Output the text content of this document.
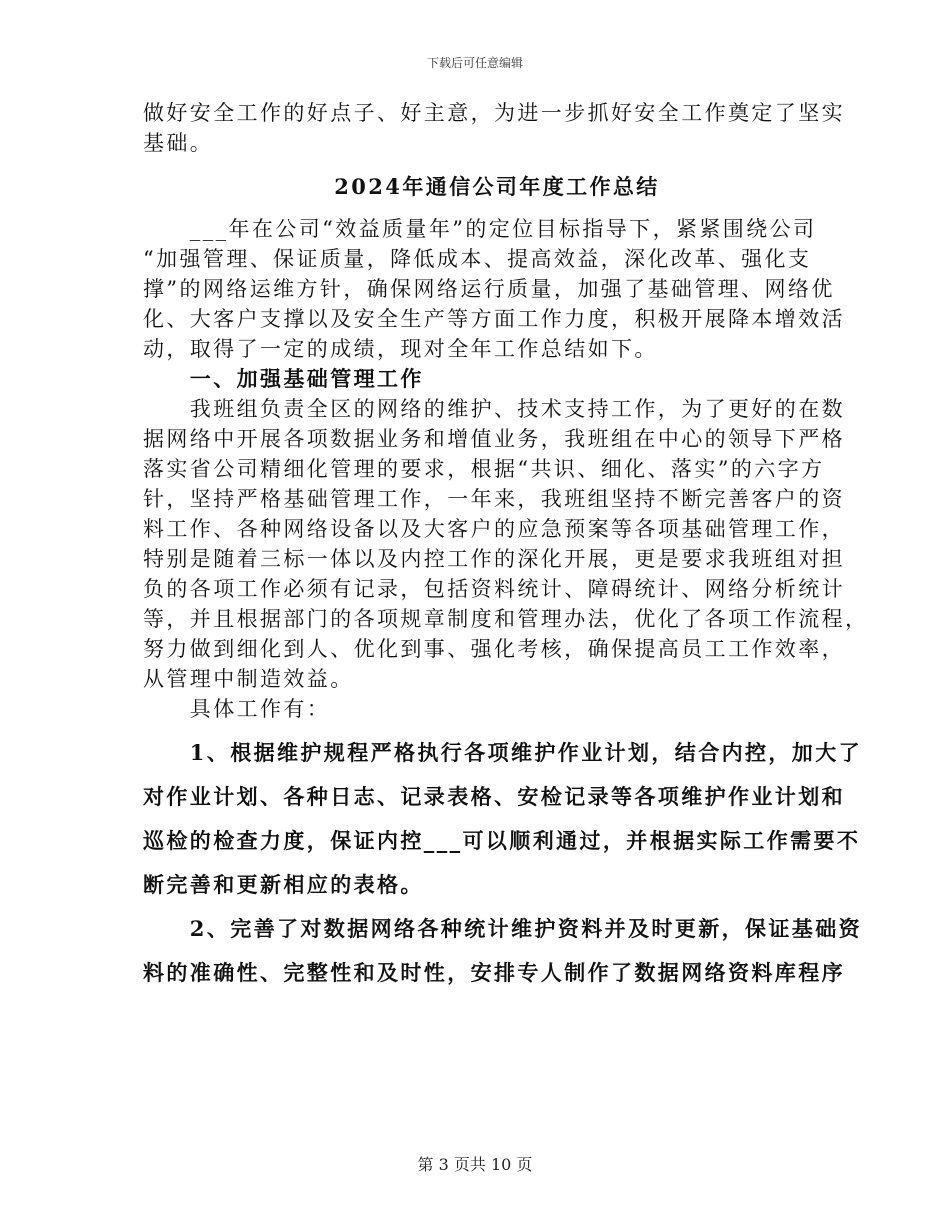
下载后可任意编辑
做好安全工作的好点子、好主意，为进一步抓好安全工作奠定了坚实
基础。
2024年通信公司年度工作总结
　　___年在公司“效益质量年”的定位目标指导下，紧紧围绕公司
“加强管理、保证质量，降低成本、提高效益，深化改革、强化支
撑”的网络运维方针，确保网络运行质量，加强了基础管理、网络优
化、大客户支撑以及安全生产等方面工作力度，积极开展降本增效活
动，取得了一定的成绩，现对全年工作总结如下。
　　一、加强基础管理工作
　　我班组负责全区的网络的维护、技术支持工作，为了更好的在数
据网络中开展各项数据业务和增值业务，我班组在中心的领导下严格
落实省公司精细化管理的要求，根据“共识、细化、落实”的六字方
针，坚持严格基础管理工作，一年来，我班组坚持不断完善客户的资
料工作、各种网络设备以及大客户的应急预案等各项基础管理工作，
特别是随着三标一体以及内控工作的深化开展，更是要求我班组对担
负的各项工作必须有记录，包括资料统计、障碍统计、网络分析统计
等，并且根据部门的各项规章制度和管理办法，优化了各项工作流程，
努力做到细化到人、优化到事、强化考核，确保提高员工工作效率，
从管理中制造效益。
　　具体工作有：
　　1、根据维护规程严格执行各项维护作业计划，结合内控，加大了
对作业计划、各种日志、记录表格、安检记录等各项维护作业计划和
巡检的检查力度，保证内控___可以顺利通过，并根据实际工作需要不
断完善和更新相应的表格。
　　2、完善了对数据网络各种统计维护资料并及时更新，保证基础资
料的准确性、完整性和及时性，安排专人制作了数据网络资料库程序
第 3 页共 10 页
